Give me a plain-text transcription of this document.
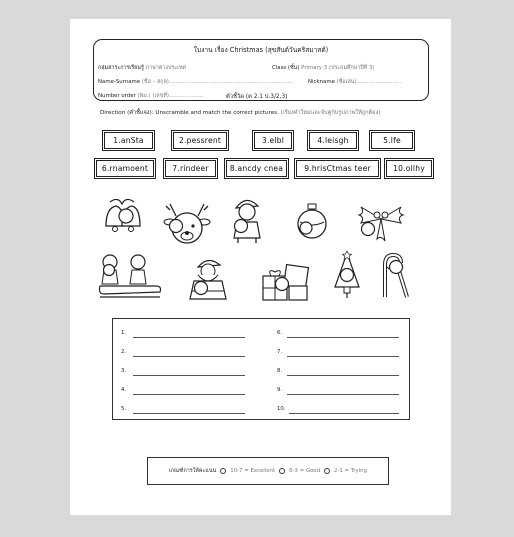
ใบงาน เรื่อง Christmas (สุขสันต์วันคริสมาสต์)
กลุ่มสาระการเรียนรู้ ภาษาต่างประเทศ	Class (ชั้น) Primary 3 (ประถมศึกษาปีที่ 3)
Name-Surname (ชื่อ – สกุล)........................................................................	Nickname (ชื่อเล่น)..........................
Number order (No.) (เลขที่)....................	ตัวชี้วัด (ต 2.1 ป.3/2,3)
Direction (คำชี้แจง): Unscramble and match the correct pictures. (เรียงคำใหม่และจับคู่กับรูปภาพให้ถูกต้อง)
1.anSta	2.pessrent	3.elbl	4.leisgh	5.lfe
6.rnamoent	7.rindeer	8.ancdy cnea	9.hrisCtmas teer	10.ollhy
1.
2.
3.
4.
5.
6.
7.
8.
9.
10.
เกณฑ์การให้คะแนน	10-7 = Excellent	6-3 = Good	2-1 = Trying
